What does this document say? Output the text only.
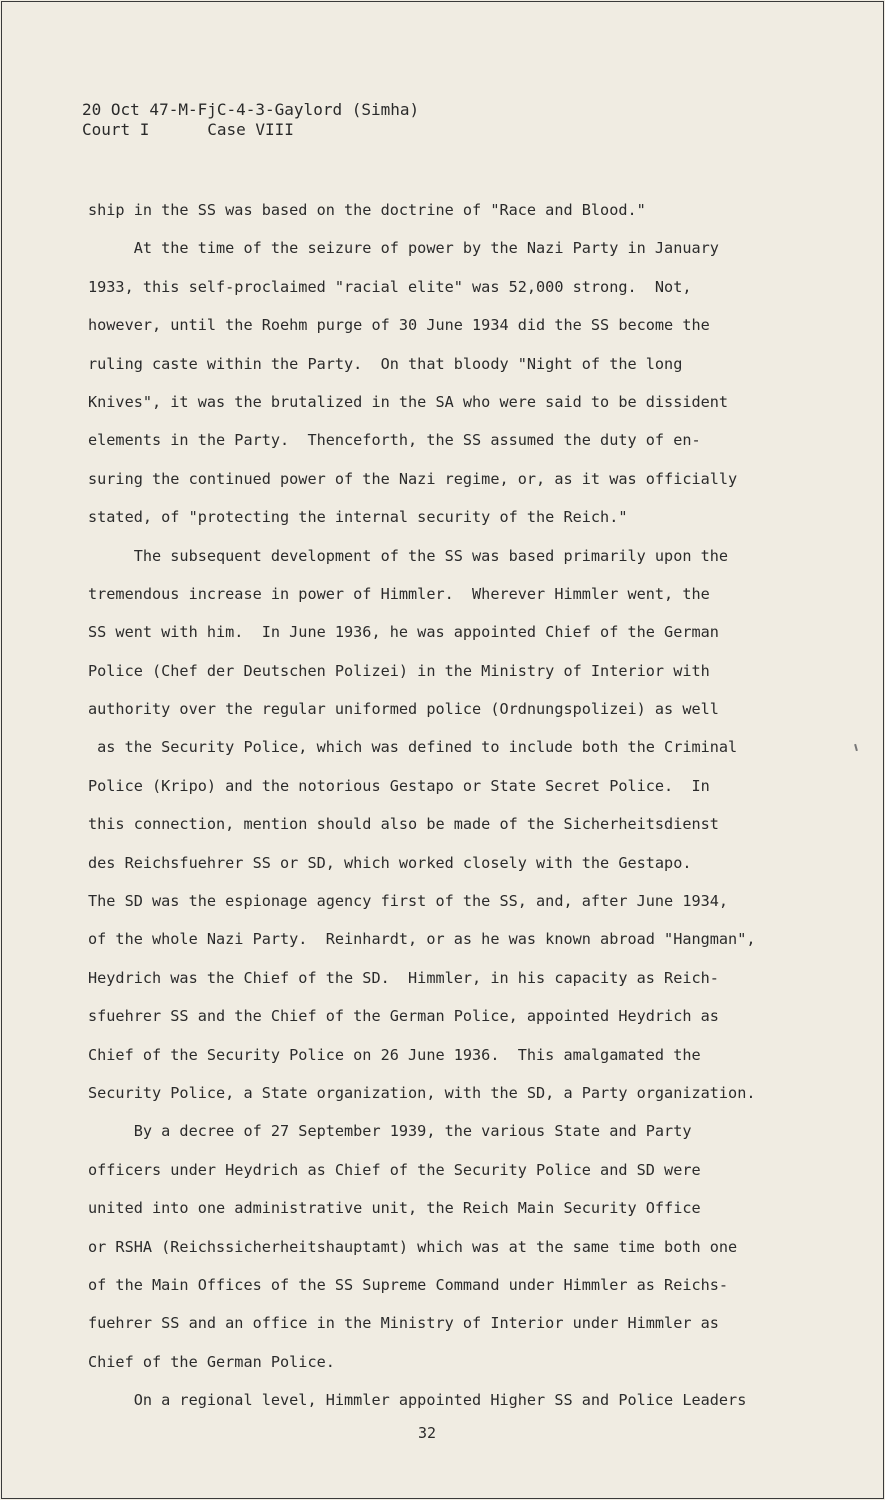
20 Oct 47-M-FjC-4-3-Gaylord (Simha)
Court I      Case VIII
ship in the SS was based on the doctrine of "Race and Blood."
At the time of the seizure of power by the Nazi Party in January
1933, this self-proclaimed "racial elite" was 52,000 strong.  Not,
however, until the Roehm purge of 30 June 1934 did the SS become the
ruling caste within the Party.  On that bloody "Night of the long
Knives", it was the brutalized in the SA who were said to be dissident
elements in the Party.  Thenceforth, the SS assumed the duty of en-
suring the continued power of the Nazi regime, or, as it was officially
stated, of "protecting the internal security of the Reich."
The subsequent development of the SS was based primarily upon the
tremendous increase in power of Himmler.  Wherever Himmler went, the
SS went with him.  In June 1936, he was appointed Chief of the German
Police (Chef der Deutschen Polizei) in the Ministry of Interior with
authority over the regular uniformed police (Ordnungspolizei) as well
as the Security Police, which was defined to include both the Criminal
Police (Kripo) and the notorious Gestapo or State Secret Police.  In
this connection, mention should also be made of the Sicherheitsdienst
des Reichsfuehrer SS or SD, which worked closely with the Gestapo.
The SD was the espionage agency first of the SS, and, after June 1934,
of the whole Nazi Party.  Reinhardt, or as he was known abroad "Hangman",
Heydrich was the Chief of the SD.  Himmler, in his capacity as Reich-
sfuehrer SS and the Chief of the German Police, appointed Heydrich as
Chief of the Security Police on 26 June 1936.  This amalgamated the
Security Police, a State organization, with the SD, a Party organization.
By a decree of 27 September 1939, the various State and Party
officers under Heydrich as Chief of the Security Police and SD were
united into one administrative unit, the Reich Main Security Office
or RSHA (Reichssicherheitshauptamt) which was at the same time both one
of the Main Offices of the SS Supreme Command under Himmler as Reichs-
fuehrer SS and an office in the Ministry of Interior under Himmler as
Chief of the German Police.
On a regional level, Himmler appointed Higher SS and Police Leaders
32
